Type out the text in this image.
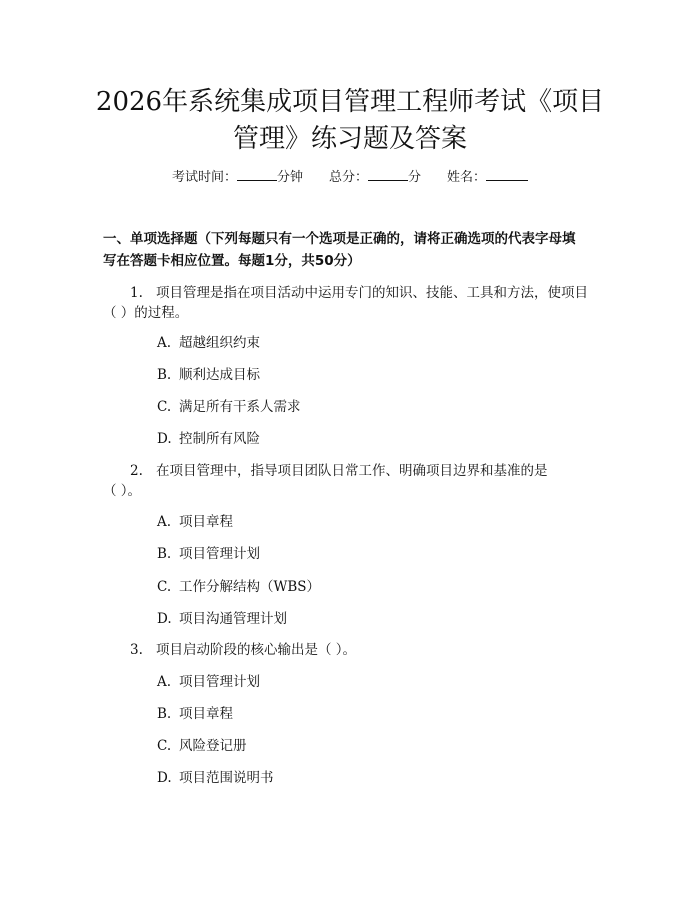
2026年系统集成项目管理工程师考试《项目
管理》练习题及答案
考试时间：	分钟 总分：	分 姓名：
一、单项选择题（下列每题只有一个选项是正确的，请将正确选项的代表字母填
写在答题卡相应位置。每题1分，共50分）
1. 项目管理是指在项目活动中运用专门的知识、技能、工具和方法，使项目
（ ）的过程。
A. 超越组织约束
B. 顺利达成目标
C. 满足所有干系人需求
D. 控制所有风险
2. 在项目管理中，指导项目团队日常工作、明确项目边界和基准的是
（ ）。
A. 项目章程
B. 项目管理计划
C. 工作分解结构（WBS）
D. 项目沟通管理计划
3. 项目启动阶段的核心输出是（ ）。
A. 项目管理计划
B. 项目章程
C. 风险登记册
D. 项目范围说明书
